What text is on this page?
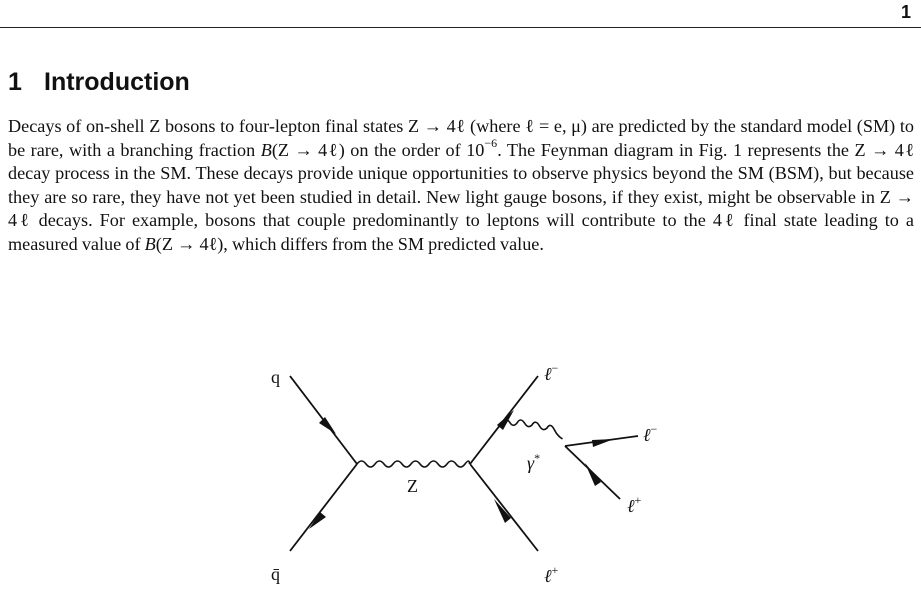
1
1 Introduction

Decays of on-shell Z bosons to four-lepton final states Z → 4ℓ (where ℓ = e, μ) are predicted by the standard model (SM) to be rare, with a branching fraction B(Z → 4ℓ) on the order of $10^{-6}$. The Feynman diagram in Fig. 1 represents the Z → 4ℓ decay process in the SM. These decays provide unique opportunities to observe physics beyond the SM (BSM), but because they are so rare, they have not yet been studied in detail. New light gauge bosons, if they exist, might be observable in Z → 4ℓ decays. For example, bosons that couple predominantly to leptons will contribute to the 4ℓ final state leading to a measured value of B(Z → 4ℓ), which differs from the SM predicted value.

q
q̄
Z
γ*
ℓ−
ℓ−
ℓ+
ℓ+
